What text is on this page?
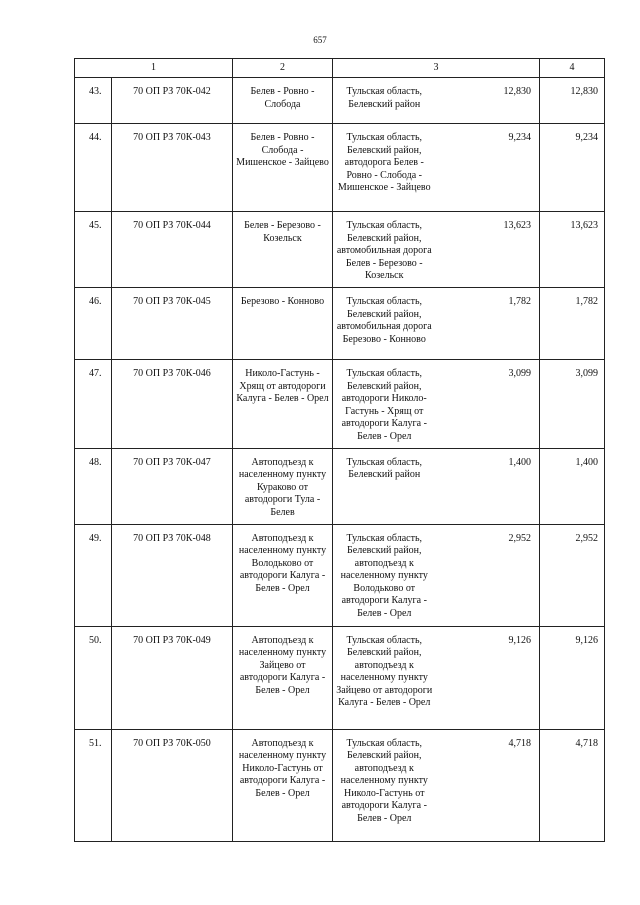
657
1		2	3		4
43.	70 ОП РЗ 70К-042	Белев - Ровно - Слобода	Тульская область, Белевский район	12,830	12,830
44.	70 ОП РЗ 70К-043	Белев - Ровно - Слобода - Мишенское - Зайцево	Тульская область, Белевский район, автодорога Белев - Ровно - Слобода - Мишенское - Зайцево	9,234	9,234
45.	70 ОП РЗ 70К-044	Белев - Березово - Козельск	Тульская область, Белевский район, автомобильная дорога Белев - Березово - Козельск	13,623	13,623
46.	70 ОП РЗ 70К-045	Березово - Конново	Тульская область, Белевский район, автомобильная дорога Березово - Конново	1,782	1,782
47.	70 ОП РЗ 70К-046	Николо-Гастунь - Хрящ от автодороги Калуга - Белев - Орел	Тульская область, Белевский район, автодороги Николо-Гастунь - Хрящ от автодороги Калуга - Белев - Орел	3,099	3,099
48.	70 ОП РЗ 70К-047	Автоподъезд к населенному пункту Кураково от автодороги Тула - Белев	Тульская область, Белевский район	1,400	1,400
49.	70 ОП РЗ 70К-048	Автоподъезд к населенному пункту Володьково от автодороги Калуга - Белев - Орел	Тульская область, Белевский район, автоподъезд к населенному пункту Володьково от автодороги Калуга - Белев - Орел	2,952	2,952
50.	70 ОП РЗ 70К-049	Автоподъезд к населенному пункту Зайцево от автодороги Калуга - Белев - Орел	Тульская область, Белевский район, автоподъезд к населенному пункту Зайцево от автодороги Калуга - Белев - Орел	9,126	9,126
51.	70 ОП РЗ 70К-050	Автоподъезд к населенному пункту Николо-Гастунь от автодороги Калуга - Белев - Орел	Тульская область, Белевский район, автоподъезд к населенному пункту Николо-Гастунь от автодороги Калуга - Белев - Орел	4,718	4,718
